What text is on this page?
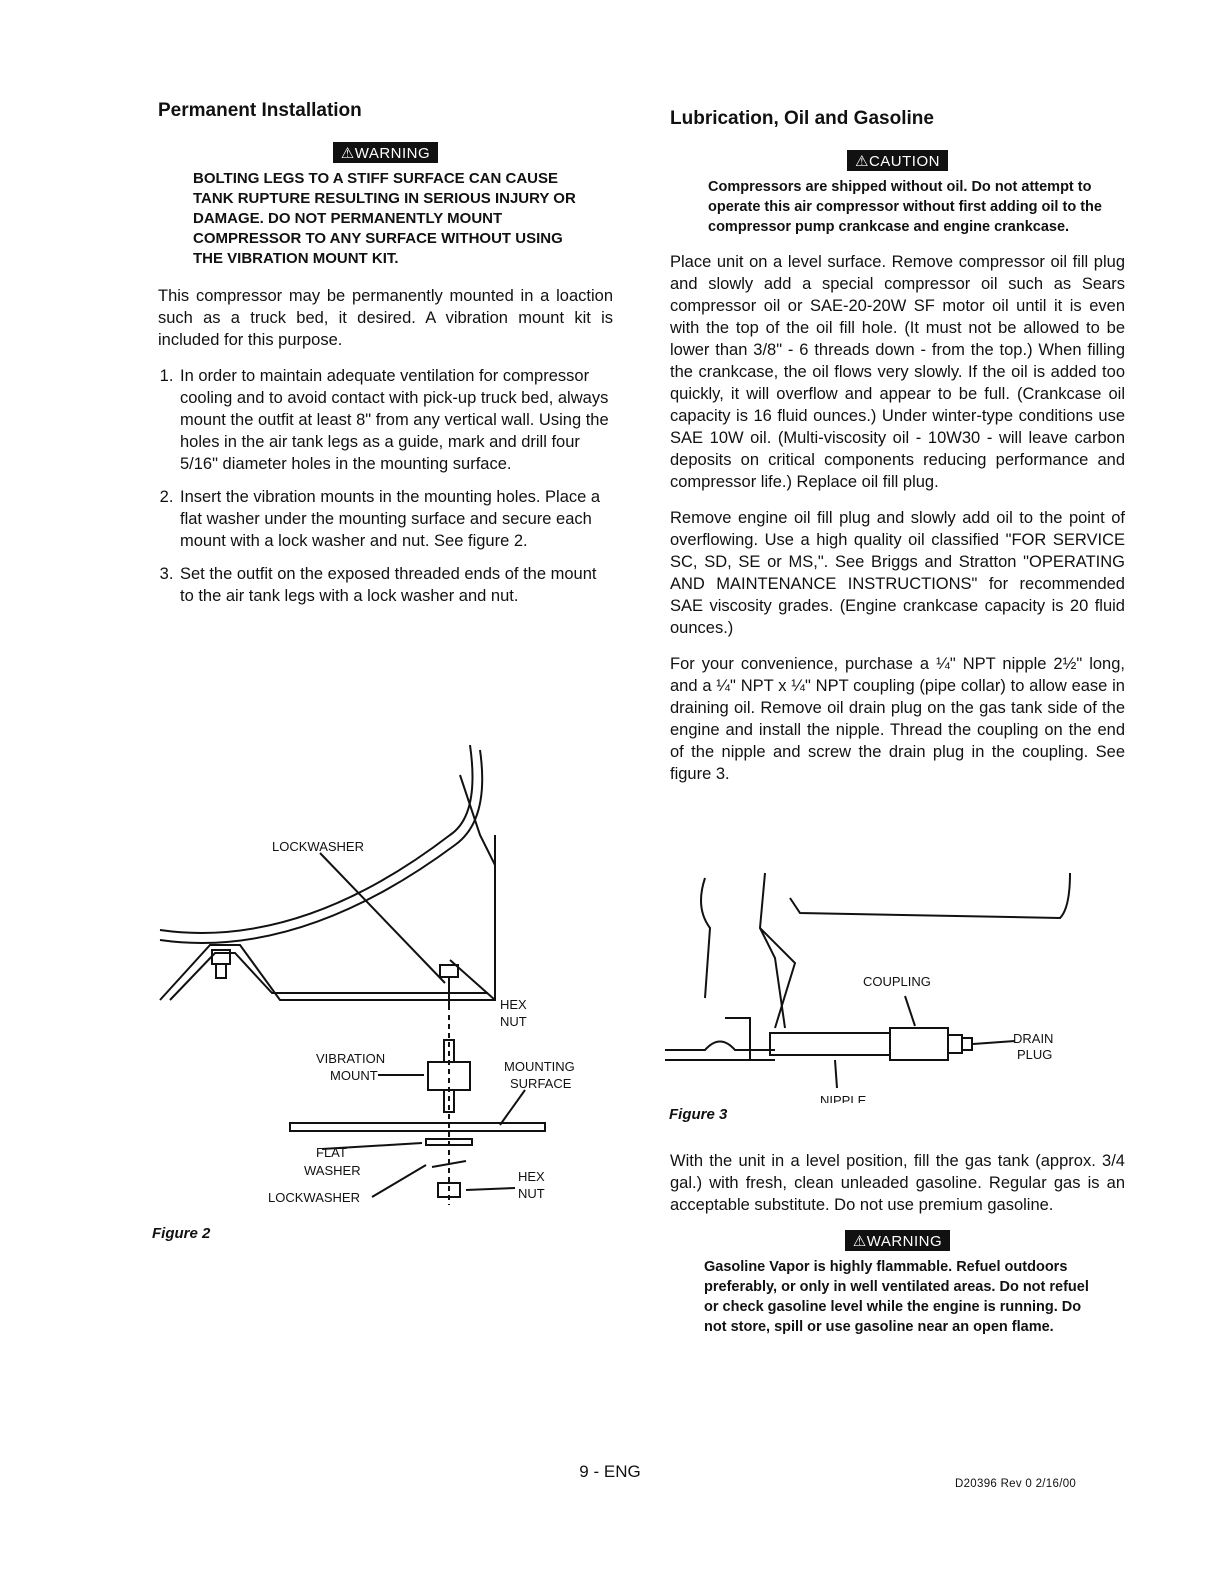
Permanent Installation
⚠WARNING
BOLTING LEGS TO A STIFF SURFACE CAN CAUSE TANK RUPTURE RESULTING IN SERIOUS INJURY OR DAMAGE. DO NOT PERMANENTLY MOUNT COMPRESSOR TO ANY SURFACE WITHOUT USING THE VIBRATION MOUNT KIT.

This compressor may be permanently mounted in a loaction such as a truck bed, it desired. A vibration mount kit is included for this purpose.

1. In order to maintain adequate ventilation for compressor cooling and to avoid contact with pick-up truck bed, always mount the outfit at least 8" from any vertical wall. Using the holes in the air tank legs as a guide, mark and drill four 5/16" diameter holes in the mounting surface.
2. Insert the vibration mounts in the mounting holes. Place a flat washer under the mounting surface and secure each mount with a lock washer and nut. See figure 2.
3. Set the outfit on the exposed threaded ends of the mount to the air tank legs with a lock washer and nut.
LOCKWASHER
HEX
NUT
VIBRATION
MOUNT
MOUNTING
SURFACE
FLAT
WASHER
LOCKWASHER
HEX
NUT
Figure 2
Lubrication, Oil and Gasoline
⚠CAUTION
Compressors are shipped without oil. Do not attempt to operate this air compressor without first adding oil to the compressor pump crankcase and engine crankcase.

Place unit on a level surface. Remove compressor oil fill plug and slowly add a special compressor oil such as Sears compressor oil or SAE-20-20W SF motor oil until it is even with the top of the oil fill hole. (It must not be allowed to be lower than 3/8" - 6 threads down - from the top.) When filling the crankcase, the oil flows very slowly. If the oil is added too quickly, it will overflow and appear to be full. (Crankcase oil capacity is 16 fluid ounces.) Under winter-type conditions use SAE 10W oil. (Multi-viscosity oil - 10W30 - will leave carbon deposits on critical components reducing performance and compressor life.) Replace oil fill plug.

Remove engine oil fill plug and slowly add oil to the point of overflowing. Use a high quality oil classified "FOR SERVICE SC, SD, SE or MS,". See Briggs and Stratton "OPERATING AND MAINTENANCE INSTRUCTIONS" for recommended SAE viscosity grades. (Engine crankcase capacity is 20 fluid ounces.)

For your convenience, purchase a ¼" NPT nipple 2½" long, and a ¼" NPT x ¼" NPT coupling (pipe collar) to allow ease in draining oil. Remove oil drain plug on the gas tank side of the engine and install the nipple. Thread the coupling on the end of the nipple and screw the drain plug in the coupling. See figure 3.

COUPLING
DRAIN
PLUG
NIPPLE
Figure 3

With the unit in a level position, fill the gas tank (approx. 3/4 gal.) with fresh, clean unleaded gasoline. Regular gas is an acceptable substitute. Do not use premium gasoline.

⚠WARNING
Gasoline Vapor is highly flammable. Refuel outdoors preferably, or only in well ventilated areas. Do not refuel or check gasoline level while the engine is running. Do not store, spill or use gasoline near an open flame.
9 - ENG
D20396 Rev 0 2/16/00
